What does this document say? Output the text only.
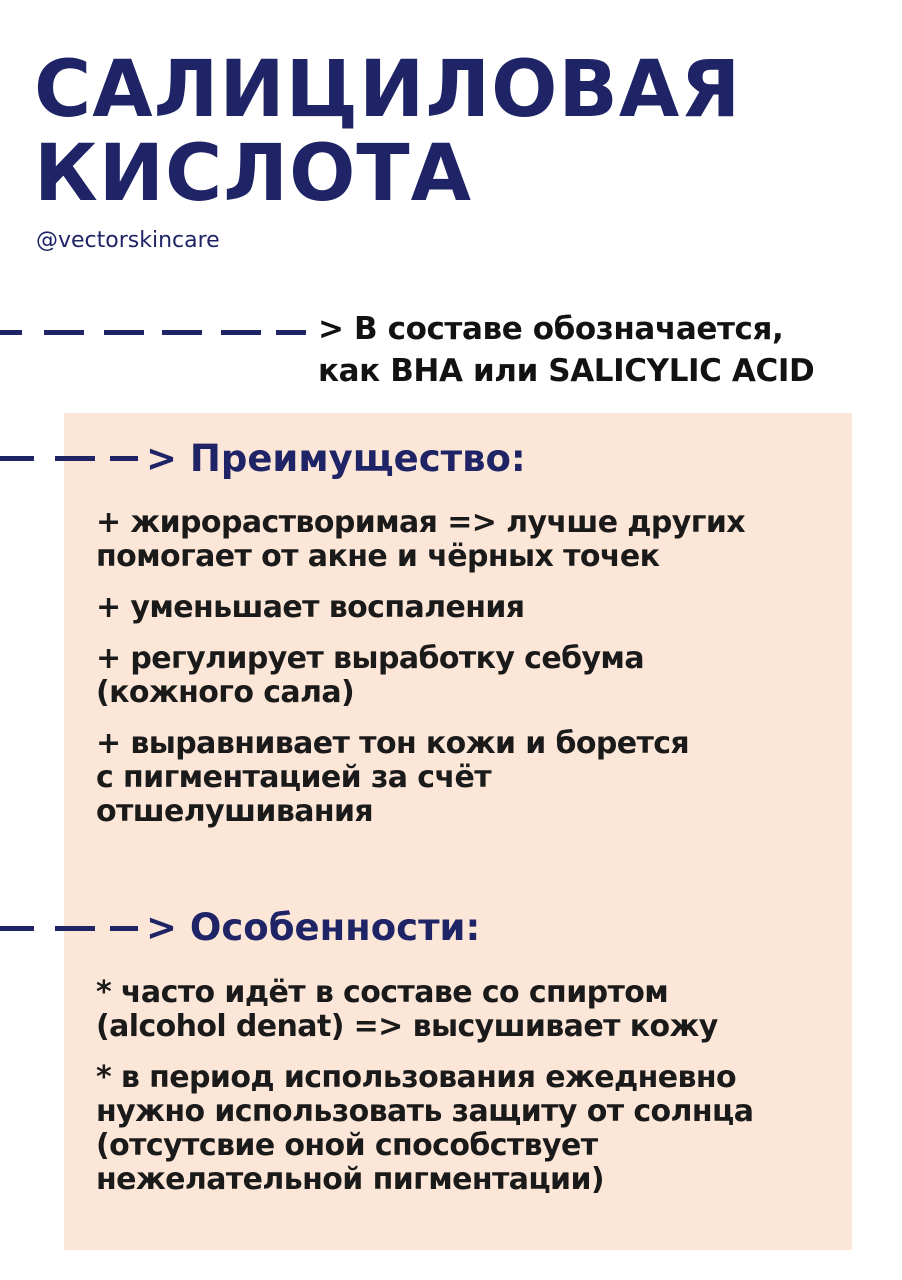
САЛИЦИЛОВАЯ
КИСЛОТА
@vectorskincare
> В составе обозначается,
как BHA или SALICYLIC ACID
> Преимущество:
+ жирорастворимая => лучше других
помогает от акне и чёрных точек
+ уменьшает воспаления
+ регулирует выработку себума
(кожного сала)
+ выравнивает тон кожи и борется
с пигментацией за счёт
отшелушивания
> Особенности:
* часто идёт в составе со спиртом
(alcohol denat) => высушивает кожу
* в период использования ежедневно
нужно использовать защиту от солнца
(отсутсвие оной способствует
нежелательной пигментации)
